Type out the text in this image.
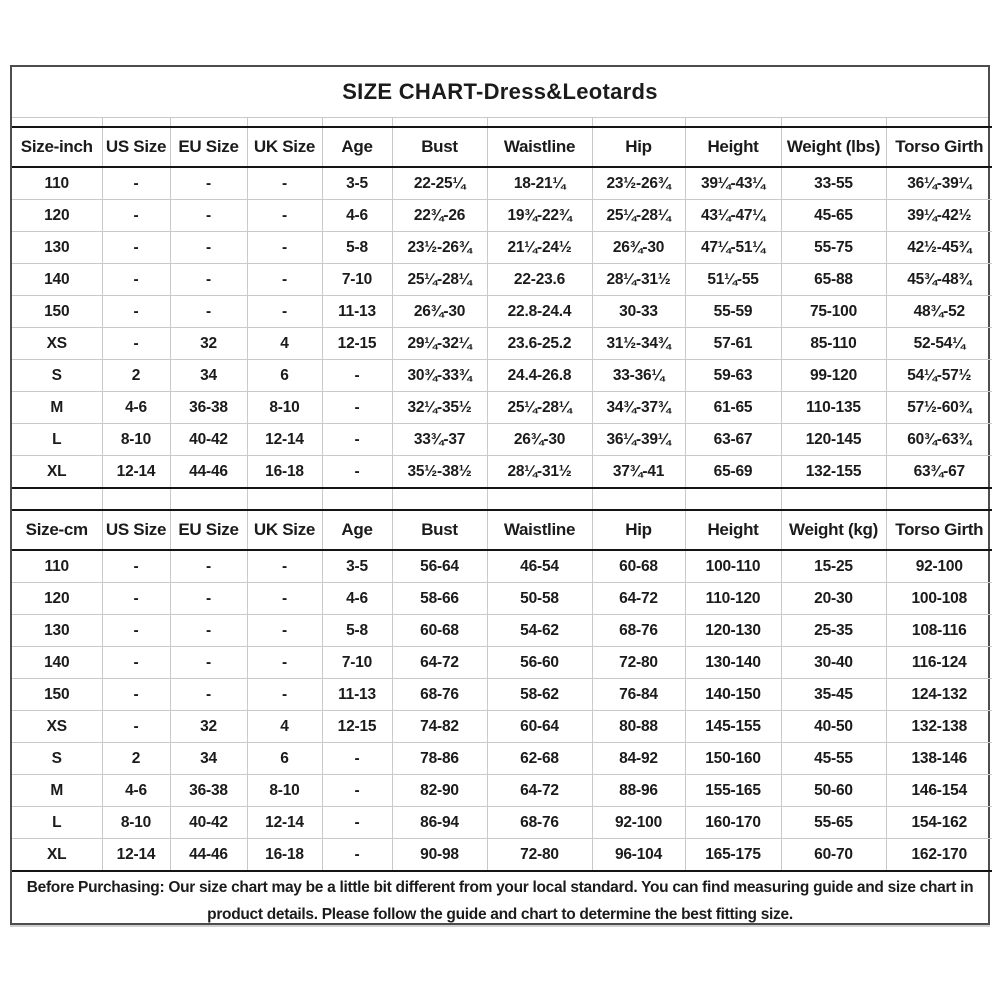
SIZE CHART-Dress&Leotards

Size-inch	US Size	EU Size	UK Size	Age	Bust	Waistline	Hip	Height	Weight (lbs)	Torso Girth
110	-	-	-	3-5	22-25¼	18-21¼	23½-26¾	39¼-43¼	33-55	36¼-39¼
120	-	-	-	4-6	22¾-26	19¾-22¾	25¼-28¼	43¼-47¼	45-65	39¼-42½
130	-	-	-	5-8	23½-26¾	21¼-24½	26¾-30	47¼-51¼	55-75	42½-45¾
140	-	-	-	7-10	25¼-28¼	22-23.6	28¼-31½	51¼-55	65-88	45¾-48¾
150	-	-	-	11-13	26¾-30	22.8-24.4	30-33	55-59	75-100	48¾-52
XS	-	32	4	12-15	29¼-32¼	23.6-25.2	31½-34¾	57-61	85-110	52-54¼
S	2	34	6	-	30¾-33¾	24.4-26.8	33-36¼	59-63	99-120	54¼-57½
M	4-6	36-38	8-10	-	32¼-35½	25¼-28¼	34¾-37¾	61-65	110-135	57½-60¾
L	8-10	40-42	12-14	-	33¾-37	26¾-30	36¼-39¼	63-67	120-145	60¾-63¾
XL	12-14	44-46	16-18	-	35½-38½	28¼-31½	37¾-41	65-69	132-155	63¾-67

Size-cm	US Size	EU Size	UK Size	Age	Bust	Waistline	Hip	Height	Weight (kg)	Torso Girth
110	-	-	-	3-5	56-64	46-54	60-68	100-110	15-25	92-100
120	-	-	-	4-6	58-66	50-58	64-72	110-120	20-30	100-108
130	-	-	-	5-8	60-68	54-62	68-76	120-130	25-35	108-116
140	-	-	-	7-10	64-72	56-60	72-80	130-140	30-40	116-124
150	-	-	-	11-13	68-76	58-62	76-84	140-150	35-45	124-132
XS	-	32	4	12-15	74-82	60-64	80-88	145-155	40-50	132-138
S	2	34	6	-	78-86	62-68	84-92	150-160	45-55	138-146
M	4-6	36-38	8-10	-	82-90	64-72	88-96	155-165	50-60	146-154
L	8-10	40-42	12-14	-	86-94	68-76	92-100	160-170	55-65	154-162
XL	12-14	44-46	16-18	-	90-98	72-80	96-104	165-175	60-70	162-170
Before Purchasing: Our size chart may be a little bit different from your local standard. You can find measuring guide and size chart in product details. Please follow the guide and chart to determine the best fitting size.
